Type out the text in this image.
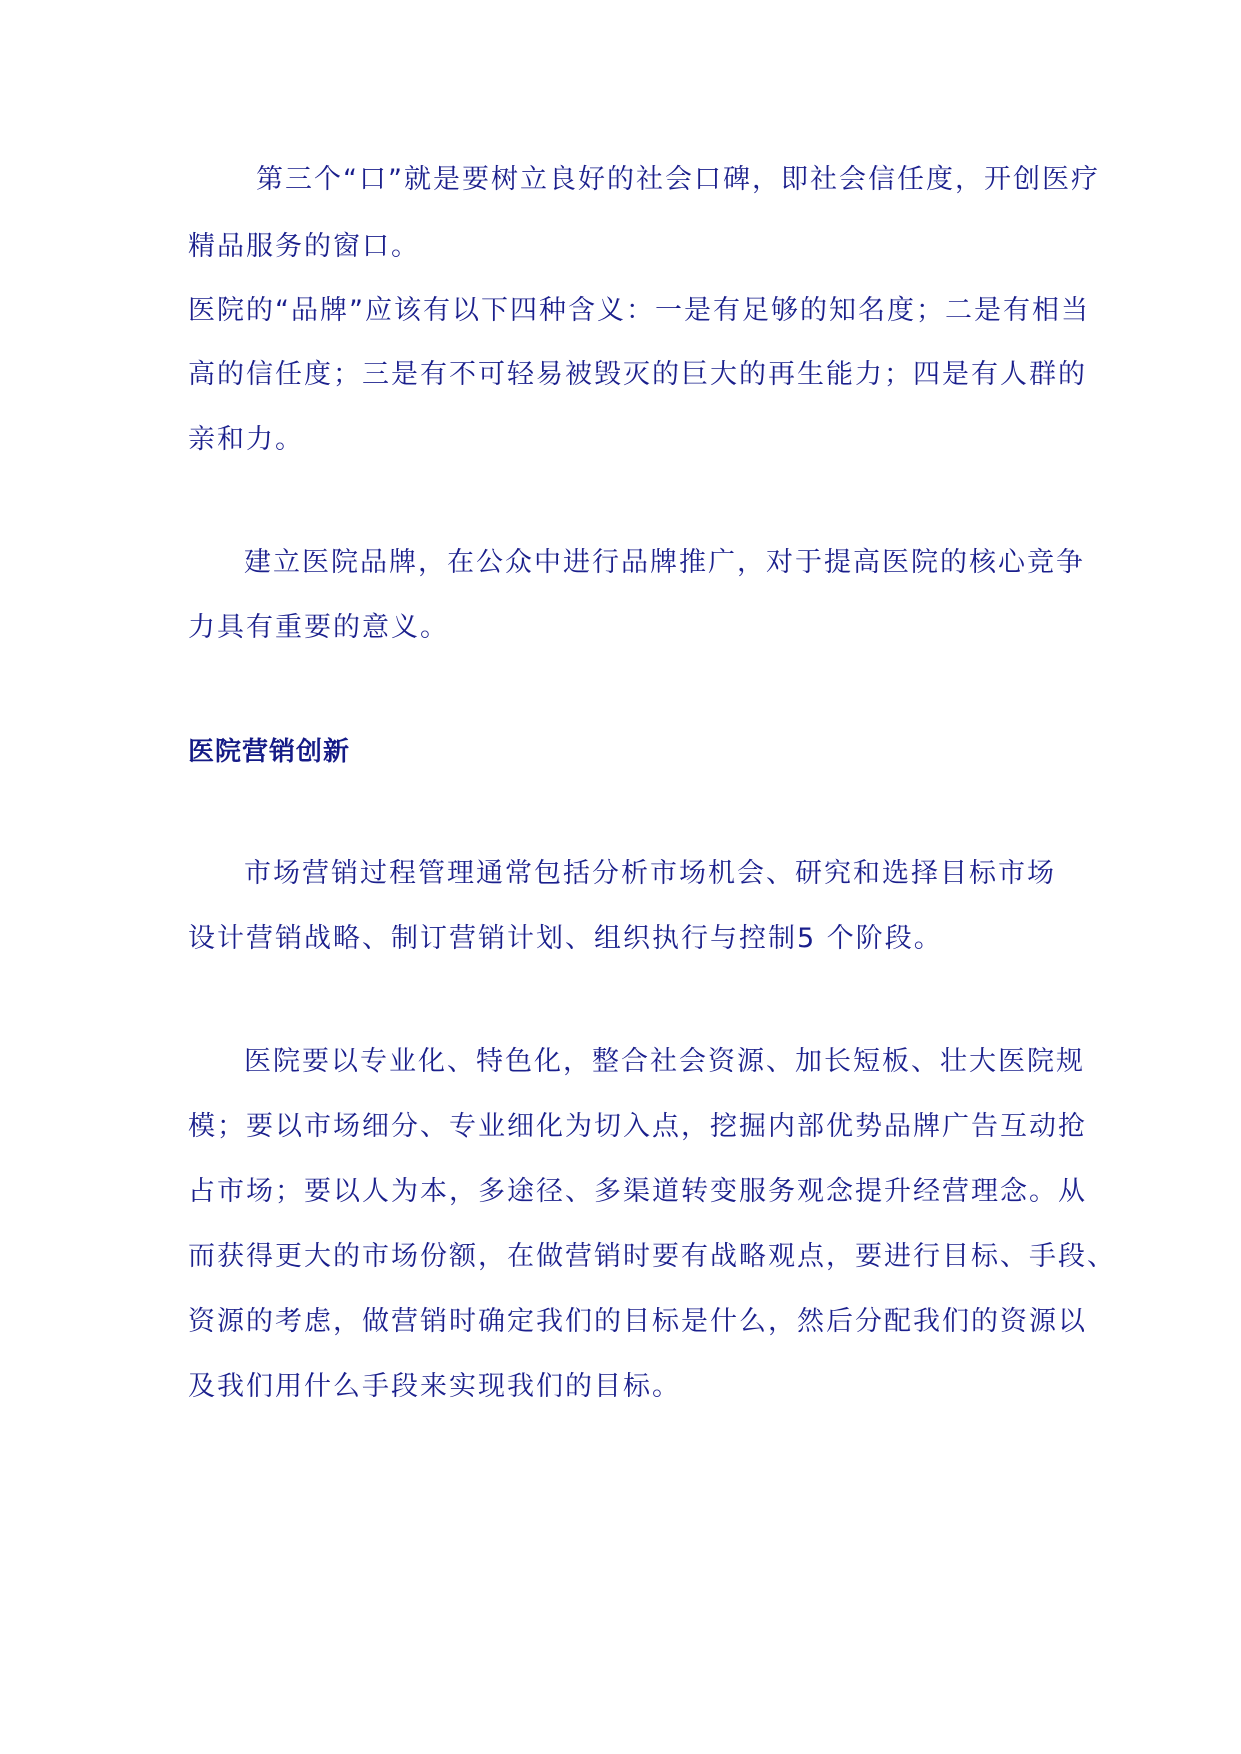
第三个“口”就是要树立良好的社会口碑，即社会信任度，开创医疗
精品服务的窗口。
医院的“品牌”应该有以下四种含义：一是有足够的知名度；二是有相当
高的信任度；三是有不可轻易被毁灭的巨大的再生能力；四是有人群的
亲和力。
建立医院品牌，在公众中进行品牌推广，对于提高医院的核心竞争
力具有重要的意义。
医院营销创新
市场营销过程管理通常包括分析市场机会、研究和选择目标市场
设计营销战略、制订营销计划、组织执行与控制5 个阶段。
医院要以专业化、特色化，整合社会资源、加长短板、壮大医院规
模；要以市场细分、专业细化为切入点，挖掘内部优势品牌广告互动抢
占市场；要以人为本，多途径、多渠道转变服务观念提升经营理念。从
而获得更大的市场份额，在做营销时要有战略观点，要进行目标、手段、
资源的考虑，做营销时确定我们的目标是什么，然后分配我们的资源以
及我们用什么手段来实现我们的目标。
